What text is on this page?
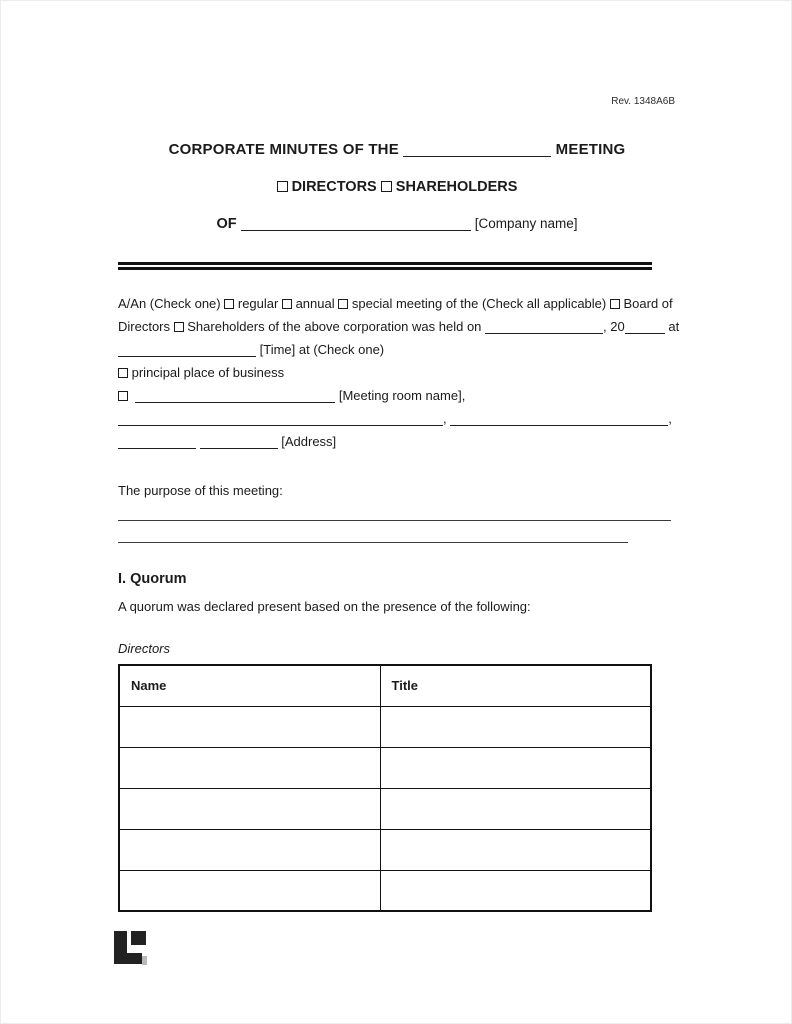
Rev. 1348A6B
CORPORATE MINUTES OF THE	MEETING
DIRECTORS SHAREHOLDERS
OF	[Company name]
A/An (Check one) regular annual special meeting of the (Check all applicable) Board of
Directors Shareholders of the above corporation was held on	, 20	at
[Time] at (Check one)
principal place of business
[Meeting room name],
,	,
[Address]
The purpose of this meeting:
I. Quorum
A quorum was declared present based on the presence of the following:
Directors
Name	Title
